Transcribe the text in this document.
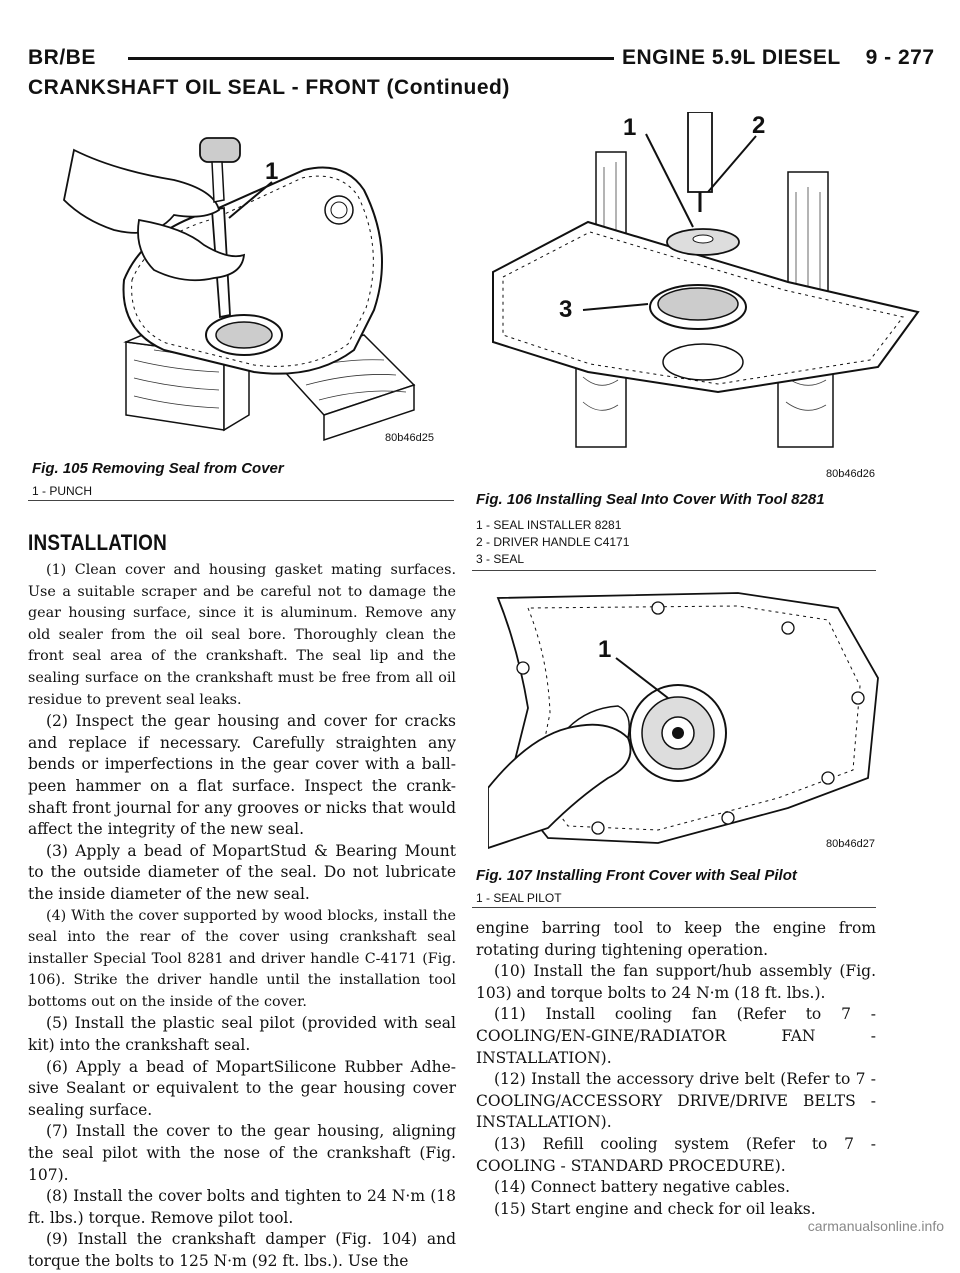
BR/BE	ENGINE 5.9L DIESEL    9 - 277
CRANKSHAFT OIL SEAL - FRONT (Continued)
1
80b46d25
Fig. 105 Removing Seal from Cover
1 - PUNCH
1	2
3
80b46d26
Fig. 106 Installing Seal Into Cover With Tool 8281
1 - SEAL INSTALLER 8281
2 - DRIVER HANDLE C4171
3 - SEAL
1
80b46d27
Fig. 107 Installing Front Cover with Seal Pilot
1 - SEAL PILOT
INSTALLATION

(1) Clean cover and housing gasket mating surfaces. Use a suitable scraper and be careful not to damage the gear housing surface, since it is aluminum. Remove any old sealer from the oil seal bore. Thoroughly clean the front seal area of the crankshaft. The seal lip and the sealing surface on the crankshaft must be free from all oil residue to prevent seal leaks.

(2) Inspect the gear housing and cover for cracks and replace if necessary. Carefully straighten any bends or imperfections in the gear cover with a ball-peen hammer on a flat surface. Inspect the crank-shaft front journal for any grooves or nicks that would affect the integrity of the new seal.

(3) Apply a bead of MopartStud & Bearing Mount to the outside diameter of the seal. Do not lubricate the inside diameter of the new seal.

(4) With the cover supported by wood blocks, install the seal into the rear of the cover using crankshaft seal installer Special Tool 8281 and driver handle C-4171 (Fig. 106). Strike the driver handle until the installation tool bottoms out on the inside of the cover.

(5) Install the plastic seal pilot (provided with seal kit) into the crankshaft seal.

(6) Apply a bead of MopartSilicone Rubber Adhe-sive Sealant or equivalent to the gear housing cover sealing surface.

(7) Install the cover to the gear housing, aligning the seal pilot with the nose of the crankshaft (Fig. 107).

(8) Install the cover bolts and tighten to 24 N·m (18 ft. lbs.) torque. Remove pilot tool.

(9) Install the crankshaft damper (Fig. 104) and torque the bolts to 125 N·m (92 ft. lbs.). Use the

engine barring tool to keep the engine from rotating during tightening operation.

(10) Install the fan support/hub assembly (Fig. 103) and torque bolts to 24 N·m (18 ft. lbs.).

(11) Install cooling fan (Refer to 7 - COOLING/EN-GINE/RADIATOR FAN - INSTALLATION).

(12) Install the accessory drive belt (Refer to 7 - COOLING/ACCESSORY DRIVE/DRIVE BELTS - INSTALLATION).

(13) Refill cooling system (Refer to 7 - COOLING - STANDARD PROCEDURE).

(14) Connect battery negative cables.

(15) Start engine and check for oil leaks.

carmanualsonline.info
